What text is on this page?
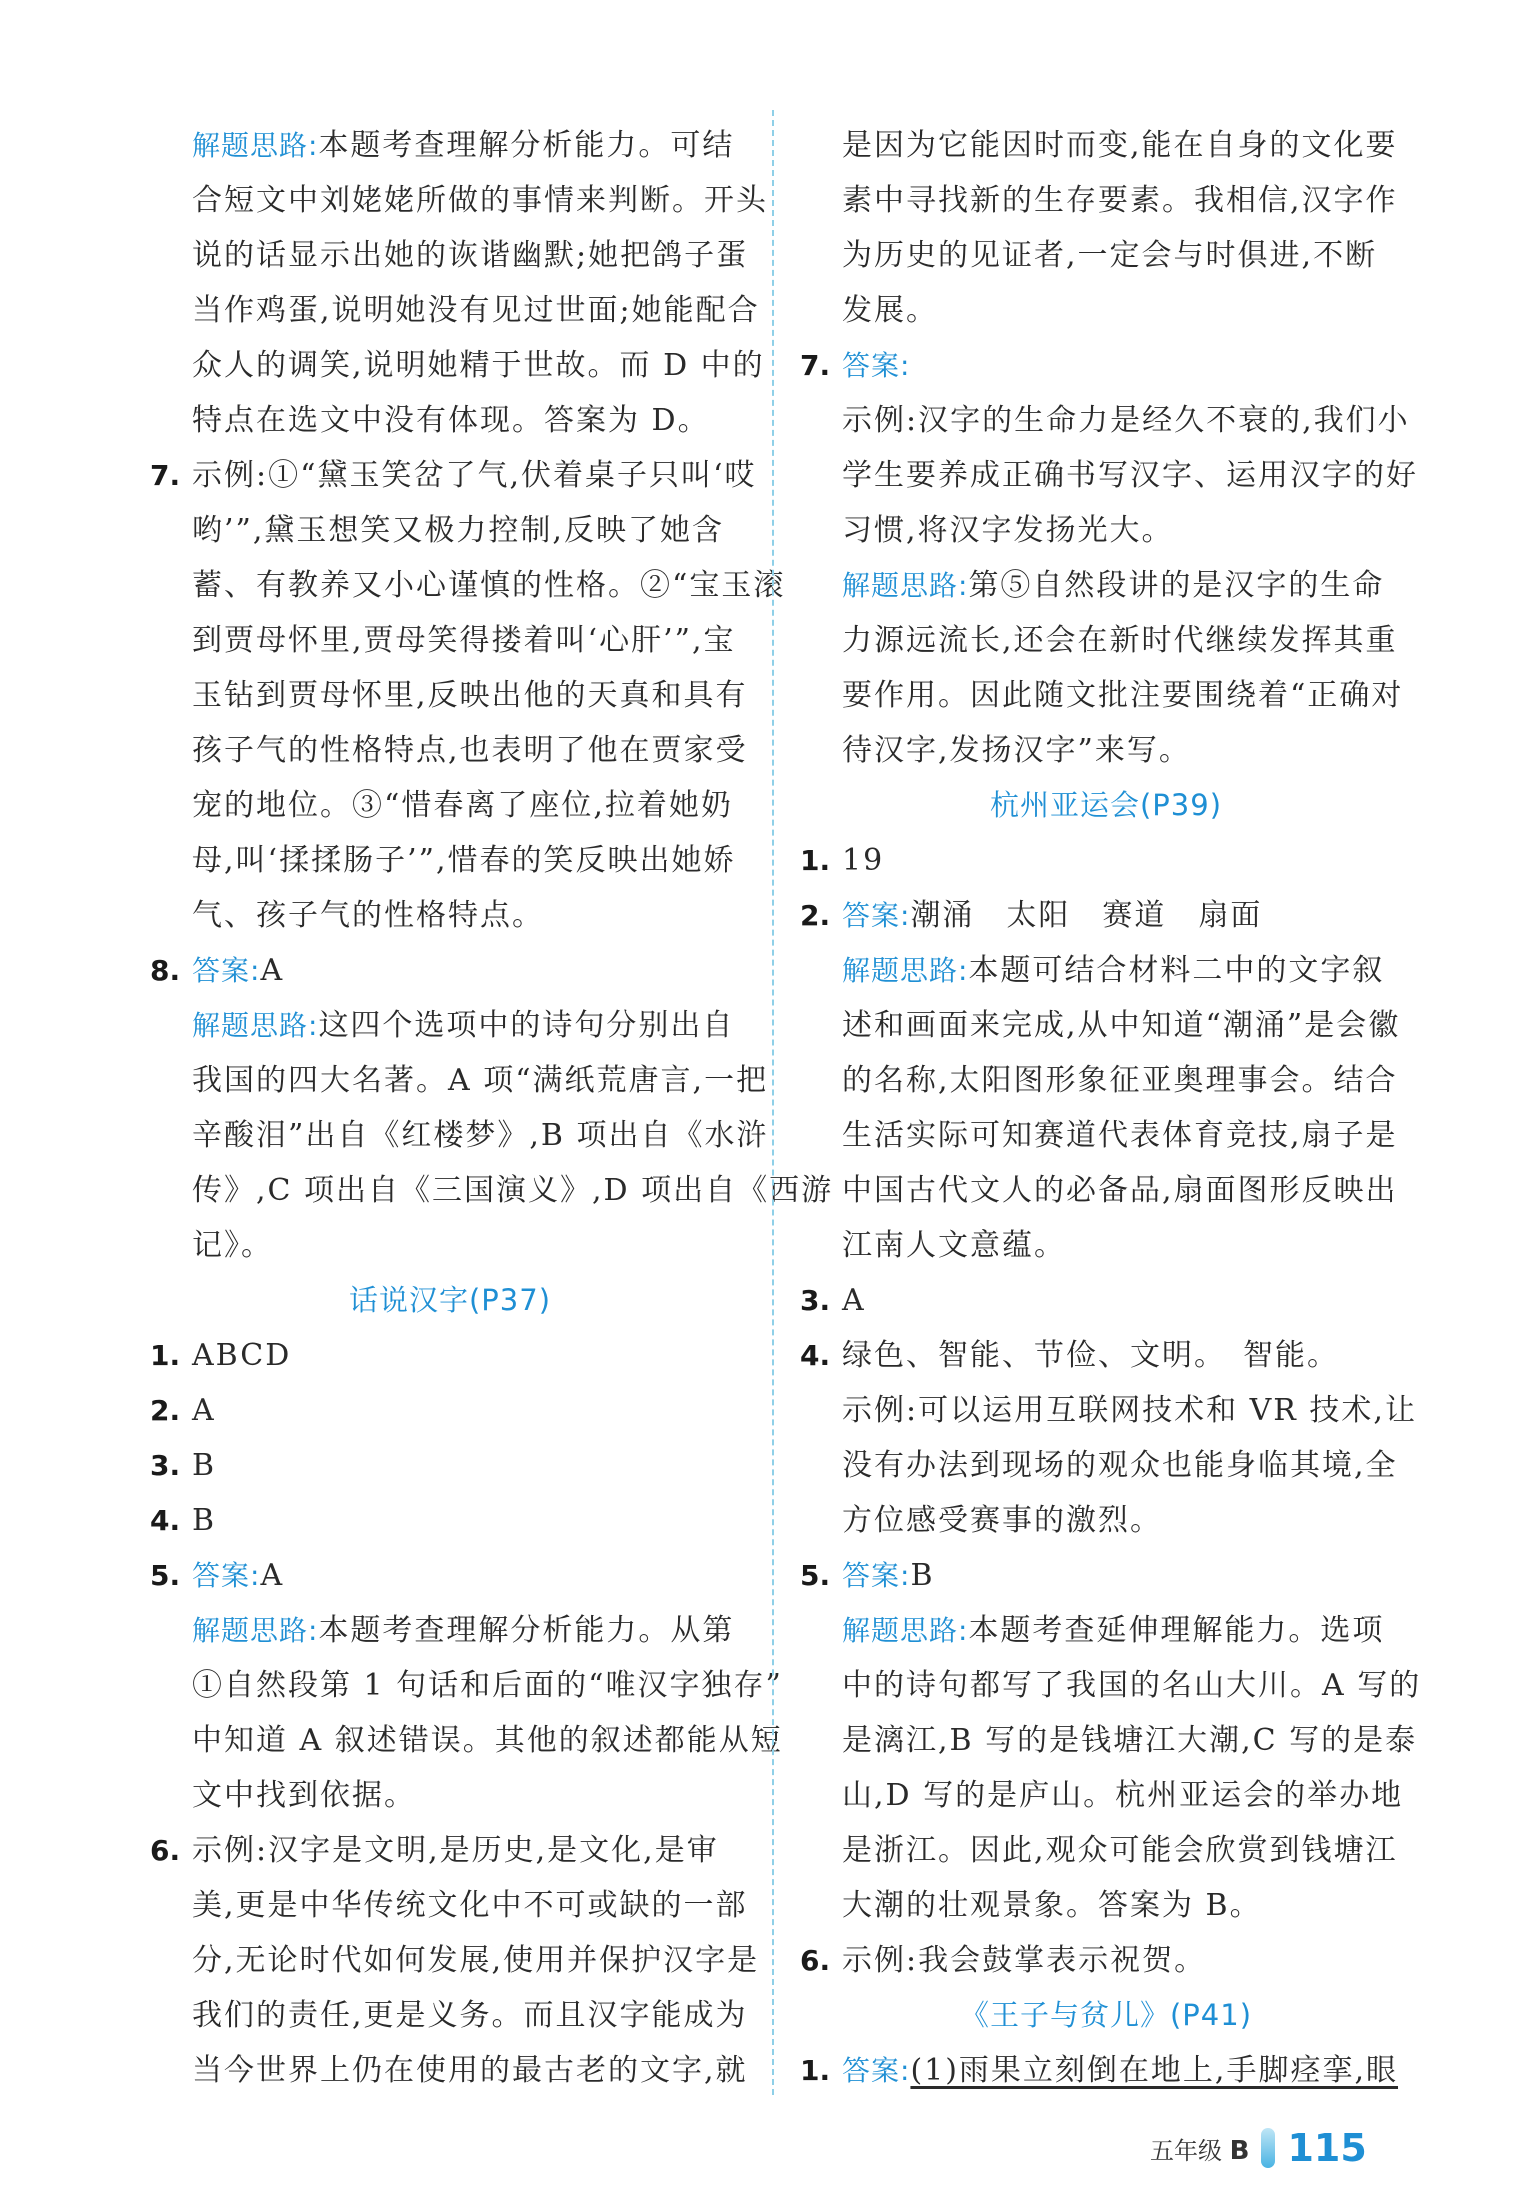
解题思路:本题考查理解分析能力。可结
合短文中刘姥姥所做的事情来判断。开头
说的话显示出她的诙谐幽默;她把鸽子蛋
当作鸡蛋,说明她没有见过世面;她能配合
众人的调笑,说明她精于世故。而 D 中的
特点在选文中没有体现。答案为 D。
7. 示例:①“黛玉笑岔了气,伏着桌子只叫‘哎
哟’”,黛玉想笑又极力控制,反映了她含
蓄、有教养又小心谨慎的性格。②“宝玉滚
到贾母怀里,贾母笑得搂着叫‘心肝’”,宝
玉钻到贾母怀里,反映出他的天真和具有
孩子气的性格特点,也表明了他在贾家受
宠的地位。③“惜春离了座位,拉着她奶
母,叫‘揉揉肠子’”,惜春的笑反映出她娇
气、孩子气的性格特点。
8. 答案:A
解题思路:这四个选项中的诗句分别出自
我国的四大名著。A 项“满纸荒唐言,一把
辛酸泪”出自《红楼梦》,B 项出自《水浒
传》,C 项出自《三国演义》,D 项出自《西游
记》。
话说汉字(P37)
1. ABCD
2. A
3. B
4. B
5. 答案:A
解题思路:本题考查理解分析能力。从第
①自然段第 1 句话和后面的“唯汉字独存”
中知道 A 叙述错误。其他的叙述都能从短
文中找到依据。
6. 示例:汉字是文明,是历史,是文化,是审
美,更是中华传统文化中不可或缺的一部
分,无论时代如何发展,使用并保护汉字是
我们的责任,更是义务。而且汉字能成为
当今世界上仍在使用的最古老的文字,就
是因为它能因时而变,能在自身的文化要
素中寻找新的生存要素。我相信,汉字作
为历史的见证者,一定会与时俱进,不断
发展。
7. 答案:
示例:汉字的生命力是经久不衰的,我们小
学生要养成正确书写汉字、运用汉字的好
习惯,将汉字发扬光大。
解题思路:第⑤自然段讲的是汉字的生命
力源远流长,还会在新时代继续发挥其重
要作用。因此随文批注要围绕着“正确对
待汉字,发扬汉字”来写。
杭州亚运会(P39)
1. 19
2. 答案:潮涌　太阳　赛道　扇面
解题思路:本题可结合材料二中的文字叙
述和画面来完成,从中知道“潮涌”是会徽
的名称,太阳图形象征亚奥理事会。结合
生活实际可知赛道代表体育竞技,扇子是
中国古代文人的必备品,扇面图形反映出
江南人文意蕴。
3. A
4. 绿色、智能、节俭、文明。　智能。
示例:可以运用互联网技术和 VR 技术,让
没有办法到现场的观众也能身临其境,全
方位感受赛事的激烈。
5. 答案:B
解题思路:本题考查延伸理解能力。选项
中的诗句都写了我国的名山大川。A 写的
是漓江,B 写的是钱塘江大潮,C 写的是泰
山,D 写的是庐山。杭州亚运会的举办地
是浙江。因此,观众可能会欣赏到钱塘江
大潮的壮观景象。答案为 B。
6. 示例:我会鼓掌表示祝贺。
《王子与贫儿》(P41)
1. 答案:(1)雨果立刻倒在地上,手脚痉挛,眼
五年级 B 115
